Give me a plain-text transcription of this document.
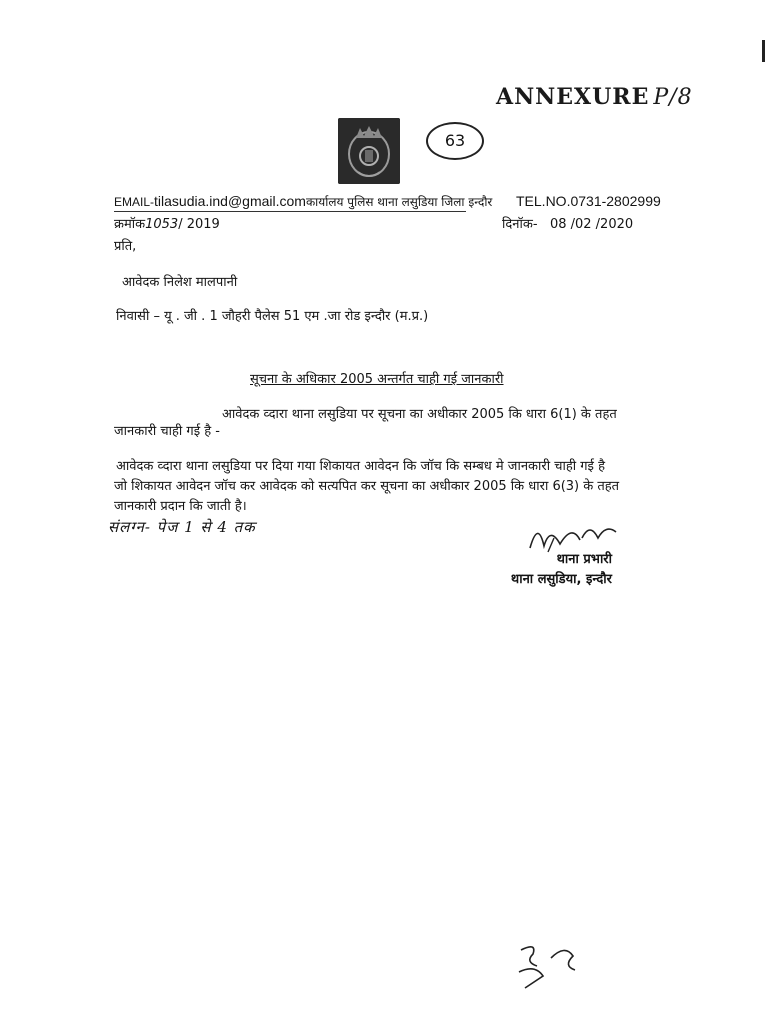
ANNEXURE P/8
63
EMAIL-tilasudia.ind@gmail.comकार्यालय पुलिस थाना लसुडिया जिला इन्दौर TEL.NO.0731-2802999
क्रमॉक1053/ 2019	दिनॉक- 08 /02 /2020
प्रति,
आवेदक निलेश मालपानी
निवासी – यू . जी . 1 जौहरी पैलेस 51 एम .जा रोड इन्दौर (म.प्र.)
सूचना के अधिकार 2005 अन्तर्गत चाही गई जानकारी
आवेदक व्दारा थाना लसुडिया पर सूचना का अधीकार 2005 कि धारा 6(1) के तहत
जानकारी चाही गई है -
आवेदक व्दारा थाना लसुडिया पर दिया गया शिकायत आवेदन कि जॉच कि सम्बध मे जानकारी चाही गई है
जो शिकायत आवेदन जॉच कर आवेदक को सत्यपित कर सूचना का अधीकार 2005 कि धारा 6(3) के तहत
जानकारी प्रदान कि जाती है।
संलग्न- पेज 1 से 4 तक
थाना प्रभारी
थाना लसुडिया, इन्दौर
